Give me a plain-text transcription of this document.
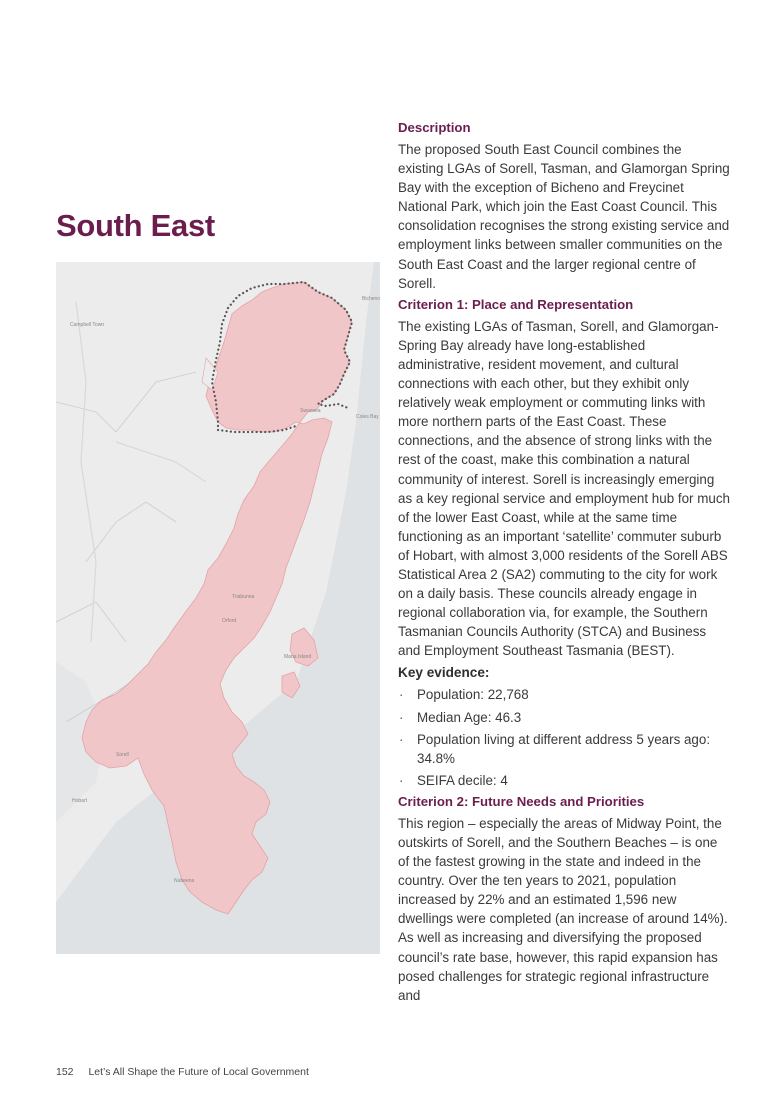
South East
Campbell Town
Bicheno
Coles Bay
Swansea
Triabunna
Orford
Maria Island
Sorell
Hobart
Nubeena
Description

The proposed South East Council combines the existing LGAs of Sorell, Tasman, and Glamorgan Spring Bay with the exception of Bicheno and Freycinet National Park, which join the East Coast Council. This consolidation recognises the strong existing service and employment links between smaller communities on the South East Coast and the larger regional centre of Sorell.

Criterion 1: Place and Representation

The existing LGAs of Tasman, Sorell, and Glamorgan-Spring Bay already have long-established administrative, resident movement, and cultural connections with each other, but they exhibit only relatively weak employment or commuting links with more northern parts of the East Coast. These connections, and the absence of strong links with the rest of the coast, make this combination a natural community of interest. Sorell is increasingly emerging as a key regional service and employment hub for much of the lower East Coast, while at the same time functioning as an important ‘satellite’ commuter suburb of Hobart, with almost 3,000 residents of the Sorell ABS Statistical Area 2 (SA2) commuting to the city for work on a daily basis. These councils already engage in regional collaboration via, for example, the Southern Tasmanian Councils Authority (STCA) and Business and Employment Southeast Tasmania (BEST).

Key evidence:
· Population: 22,768
· Median Age: 46.3
· Population living at different address 5 years ago: 34.8%
· SEIFA decile: 4
Criterion 2: Future Needs and Priorities

This region – especially the areas of Midway Point, the outskirts of Sorell, and the Southern Beaches – is one of the fastest growing in the state and indeed in the country. Over the ten years to 2021, population increased by 22% and an estimated 1,596 new dwellings were completed (an increase of around 14%). As well as increasing and diversifying the proposed council’s rate base, however, this rapid expansion has posed challenges for strategic regional infrastructure and

152 Let’s All Shape the Future of Local Government
